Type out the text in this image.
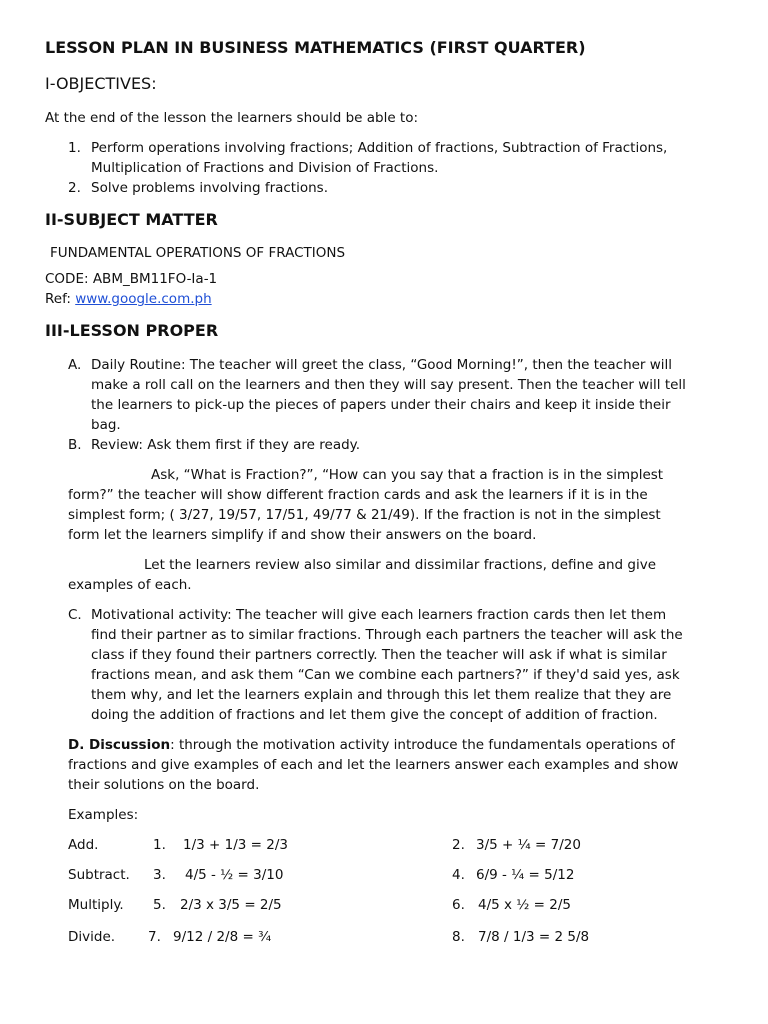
LESSON PLAN IN BUSINESS MATHEMATICS (FIRST QUARTER)
I-OBJECTIVES:
At the end of the lesson the learners should be able to:
1. Perform operations involving fractions; Addition of fractions, Subtraction of Fractions,
Multiplication of Fractions and Division of Fractions.
2. Solve problems involving fractions.
II-SUBJECT MATTER
FUNDAMENTAL OPERATIONS OF FRACTIONS
CODE: ABM_BM11FO-Ia-1
Ref: www.google.com.ph
III-LESSON PROPER
A. Daily Routine: The teacher will greet the class, “Good Morning!”, then the teacher will
make a roll call on the learners and then they will say present. Then the teacher will tell
the learners to pick-up the pieces of papers under their chairs and keep it inside their
bag.
B. Review: Ask them first if they are ready.
Ask, “What is Fraction?”, “How can you say that a fraction is in the simplest
form?” the teacher will show different fraction cards and ask the learners if it is in the
simplest form; ( 3/27, 19/57, 17/51, 49/77 & 21/49). If the fraction is not in the simplest
form let the learners simplify if and show their answers on the board.
Let the learners review also similar and dissimilar fractions, define and give
examples of each.
C. Motivational activity: The teacher will give each learners fraction cards then let them
find their partner as to similar fractions. Through each partners the teacher will ask the
class if they found their partners correctly. Then the teacher will ask if what is similar
fractions mean, and ask them “Can we combine each partners?” if they'd said yes, ask
them why, and let the learners explain and through this let them realize that they are
doing the addition of fractions and let them give the concept of addition of fraction.
D. Discussion: through the motivation activity introduce the fundamentals operations of
fractions and give examples of each and let the learners answer each examples and show
their solutions on the board.
Examples:
Add.	1. 1/3 + 1/3 = 2/3	2. 3/5 + ¼ = 7/20
Subtract. 3. 4/5 - ½ = 3/10	4. 6/9 - ¼ = 5/12
Multiply. 5. 2/3 x 3/5 = 2/5	6. 4/5 x ½ = 2/5
Divide. 7. 9/12 / 2/8 = ¾	8. 7/8 / 1/3 = 2 5/8
